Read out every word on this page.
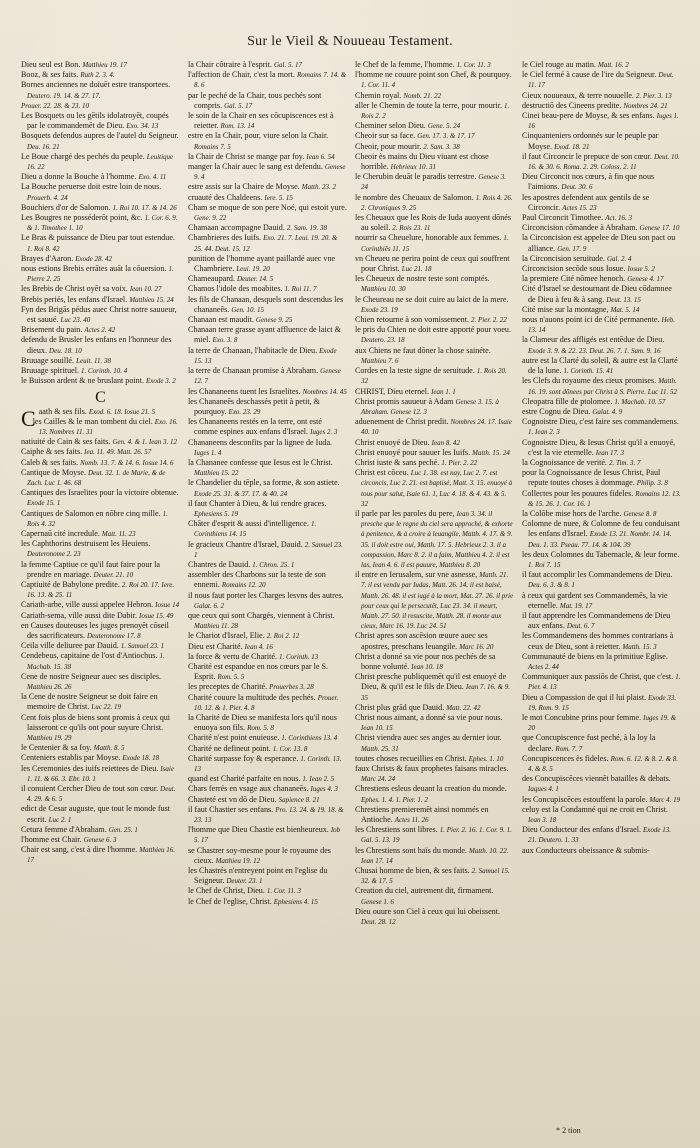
Sur le Vieil & Nouueau Testament.

Dieu seul est Bon. Matthieu 19. 17

Booz, & ses faits. Ruth 2. 3. 4.

Bornes anciennes ne doiuēt estre transportees. Deutero. 19. 14. & 27. 17.

Prouer. 22. 28. & 23. 10

Les Bosquets ou les gētils idolatroyēt, coupés par le commandemēt de Dieu. Exo. 34. 13

Bosquets defendus aupres de l'autel du Seigneur. Deu. 16. 21

Le Boue chargé des pechés du peuple. Leuitique 16. 22

Dieu a donne la Bouche à l'homme. Exo. 4. 11

La Bouche peruerse doit estre loin de nous. Prouerb. 4. 24

Bouchiers d'or de Salomon. 1. Roi 10. 17. & 14. 26

Les Bougres ne posséderōt point, &c. 1. Cor. 6. 9. & 1. Timothee 1. 10

Le Bras & puissance de Dieu par tout estendue. 1. Roi 8. 42

Brayes d'Aaron. Exode 28. 42

nous estions Brebis errātes auāt la cōuersion. 1. Pierre 2. 25

les Brebis de Christ oyēt sa voix. Iean 10. 27

Brebis periés, les enfans d'Israel. Matthieu 15. 24

Fyn des Brigās pédus auec Christ notre sauueur, est sauué. Luc 23. 40

Brisement du pain. Actes 2. 42

defendu de Brusler les enfans en l'honneur des dieux. Deu. 18. 10

Bruuage souillé. Leuit. 11. 38

Bruuage spirituel. 1. Corinth. 10. 4

le Buisson ardent & ne bruslant point. Exode 3. 2

C

Caath & ses fils. Exod. 6. 18. Iosue 21. 5

les Cailles & le man tombent du ciel. Exo. 16. 13. Nombres 11. 31

natiuité de Cain & ses faits. Gen. 4. & 1. Iean 3. 12

Caiphe & ses faits. Iea. 11. 49. Matt. 26. 57

Caleb & ses faits. Nomb. 13. 7. & 14. 6. Iosue 14. 6

Cantique de Moyse. Deut. 32. 1. de Marie, & de Zach. Luc 1. 46. 68

Cantiques des Israelites pour la victoire obtenue. Exode 15. 1

Cantiques de Salomon en nōbre cinq mille. 1. Rois 4. 32

Capernaū cité incredule. Matt. 11. 23

les Caphthorins destruisent les Heuiens. Deuteronome 2. 23

la femme Captiue ce qu'il faut faire pour la prendre en mariage. Deuter. 21. 10

Captiuité de Babylone predite. 2. Roi 20. 17. Iere. 16. 13. & 25. 11

Cariath-arbe, ville aussi appelee Hebron. Iosue 14

Cariath-sema, ville aussi dite Dabir. Iosue 15. 49

en Causes douteuses les juges prenoyēt cōseil des sacrificateurs. Deuteronome 17. 8

Ceila ville deliuree par Dauid. 1. Samuel 23. 1

Cendebeus, capitaine de l'ost d'Antiochus. 1. Machab. 15. 38

Cene de nostre Seigneur auec ses disciples. Matthieu 26. 26

la Cene de nostre Seigneur se doit faire en memoire de Christ. Luc 22. 19

Cent fois plus de biens sont promis à ceux qui laisseront ce qu'ils ont pour suyure Christ. Matthieu 19. 29

le Centenier & sa foy. Matth. 8. 5

Centeniers establis par Moyse. Exode 18. 18

les Ceremonies des iuifs reiettees de Dieu. Isaie 1. 11. & 66. 3. Ebr. 10. 1

il conuient Cercher Dieu de tout son cœur. Deut. 4. 29. & 6. 5

edict de Cesar auguste, que tout le monde fust escrit. Luc 2. 1

Cetura femme d'Abraham. Gen. 25. 1

l'homme est Chair. Genese 6. 3

Chair est sang, c'est à dire l'homme. Matthieu 16. 17

la Chair côtraire à l'esprit. Gal. 5. 17

l'affection de Chair, c'est la mort. Romains 7. 14. & 8. 6

par le peché de la Chair, tous pechés sont compris. Gal. 5. 17

le soin de la Chair en ses cōcupiscences est à reietter. Rom. 13. 14

estre en la Chair, pour, viure selon la Chair. Romains 7. 5

la Chair de Christ se mange par foy. Iean 6. 54

manger la Chair auec le sang est defendu. Genese 9. 4

estre assis sur la Chaire de Moyse. Matth. 23. 2

cruauté des Chaldeens. Iere. 5. 15

Cham se moque de son pere Noé, qui estoit yure. Gene. 9. 22

Chamaan accompagne Dauid. 2. Sam. 19. 38

Chambrieres des Iuifs. Exo. 21. 7. Leui. 19. 20. & 25. 44. Deut. 15. 12

punition de l'homme ayant paillardé auec vne Chambriere. Leui. 19. 20

Chameaupard. Deuter. 14. 5

Chamos l'idole des moabites. 1. Roi 11. 7

les fils de Chanaan, desquels sont descendus les chananeēs. Gen. 10. 15

Chanaan est maudit. Genese 9. 25

Chanaan terre grasse ayant affluence de laict & miel. Exo. 3. 8

la terre de Chanaan, l'habitacle de Dieu. Exode 15. 13

la terre de Chanaan promise à Abraham. Genese 12. 7

les Chananeens tuent les Israelites. Nombres 14. 45

les Chananeēs deschassés petit à petit, & pourquoy. Exo. 23. 29

les Chananeens restés en la terre, ont esté comme espines aux enfans d'Israel. Iuges 2. 3

Chananeens desconfits par la lignee de Iuda. Iuges 1. 4

la Chananee confesse que Iesus est le Christ. Matthieu 15. 22

le Chandelier du tēple, sa forme, & son astiete. Exode 25. 31. & 37. 17. & 40. 24

il faut Chanter à Dieu, & lui rendre graces. Ephesiens 5. 19

Chāter d'esprit & aussi d'intelligence. 1. Corinthiens 14. 15

le gracieux Chantre d'Israel, Dauid. 2. Samuel 23. 1

Chantres de Dauid. 1. Chron. 25. 1

assembler des Charbons sur la teste de son ennemi. Romains 12. 20

il nous faut porter les Charges lesvns des autres. Galat. 6. 2

que ceux qui sont Chargés, viennent à Christ. Matthieu 11. 28

le Chariot d'Israel, Elie. 2. Roi 2. 12

Dieu est Charité. Iean 4. 16

la force & vertu de Charité. 1. Corinth. 13

Charité est espandue en nos cœurs par le S. Esprit. Rom. 5. 5

les preceptes de Charité. Prouerbes 3. 28

Charité couure la multitude des pechés. Prouer. 10. 12. & 1. Pier. 4. 8

la Charité de Dieu se manifesta lors qu'il nous enuoya son fils. Rom. 5. 8

Charité n'est point enuieuse. 1. Corinthiens 13. 4

Charité ne defineut point. 1. Cor. 13. 8

Charité surpasse foy & esperance. 1. Corinth. 13. 13

quand est Charité parfaite en nous. 1. Iean 2. 5

Chars ferrés en vsage aux chananeēs. Iuges 4. 3

Chasteté est vn dō de Dieu. Sapience 8. 21

il faut Chastier ses enfans. Pro. 13. 24. & 19. 18. & 23. 13

l'homme que Dieu Chastie est bienheureux. Iob 5. 17

se Chastrer soy-mesme pour le royaume des cieux. Matthieu 19. 12

les Chastrés n'entreyent point en l'eglise du Seigneur. Deuter. 23. 1

le Chef de Christ, Dieu. 1. Cor. 11. 3

le Chef de l'eglise, Christ. Ephesiens 4. 15

le Chef de la femme, l'homme. 1. Cor. 11. 3

l'homme ne couure point son Chef, & pourquoy. 1. Cor. 11. 4

Chemin royal. Nomb. 21. 22

aller le Chemin de toute la terre, pour mourir. 1. Rois 2. 2

Cheminer selon Dieu. Gene. 5. 24

Cheoir sur sa face. Gen. 17. 3. & 17. 17

Cheoir, pour mourir. 2. Sam. 3. 38

Cheoir ès mains du Dieu viuant est chose horrible. Hebrieux 10. 31

le Cherubin deuāt le paradis terrestre. Genese 3. 24

le nombre des Cheuaux de Salomon. 1. Rois 4. 26. 2. Chroniques 9. 25

les Cheuaux que les Rois de Iuda auoyent dōnés au soleil. 2. Rois 23. 11

nourrir sa Cheuelure, honorable aux femmes. 1. Corinthiēs 11. 15

vn Cheueu ne perira point de ceux qui souffrent pour Christ. Luc 21. 18

les Cheueux de nostre teste sont comptés. Matthieu 10. 30

le Cheureau ne se doit cuire au laict de la mere. Exode 23. 19

Chien retourne à son vomissement. 2. Pier. 2. 22

le pris du Chien ne doit estre apporté pour voeu. Deutero. 23. 18

aux Chiens ne faut dōner la chose sainéte. Matthieu 7. 6

Cordes en la teste signe de seruitude. 1. Rois 20. 32

CHRIST, Dieu eternel. Iean 1. 1

Christ promis sauueur à Adam Genese 3. 15. à Abraham. Genese 12. 3

aduenement de Christ predit. Nombres 24. 17. Isaie 40. 10

Christ enuoyé de Dieu. Iean 8. 42

Christ enuoyé pour sauuer les Iuifs. Matth. 15. 24

Christ iuste & sans peché. 1. Pier. 2. 22

Christ est cōceu. Luc 1. 38. est nay, Luc 2. 7. est circoncis, Luc 2. 21. est baptisé, Matt. 3. 15. enuoyé à tous pour salut, Isaie 61. 1, Luc 4. 18. & 4. 43. & 5. 32

il parle par les paroles du pere, Iean 3. 34. il presche que le regne du ciel sera approché, & exhorte à penitence, & à croire à leuangile, Matth. 4. 17. & 9. 35. il doit estre oui, Matth. 17. 5. Hebrieux 2. 3. il a compassion, Marc 8. 2. il a faim, Matthieu 4. 2. il est las, Iean 4. 6. il est pauure, Matthieu 8. 20

il entre en Ierusalem, sur vne asnesse, Matth. 21. 7. il est vendu par Iudas, Matt. 26. 14. il est baisé, Matth. 26. 48. il est iugé à la mort, Mat. 27. 26. il prie pour ceux qui le persecutēt, Luc 23. 34. il meurt, Matth. 27. 50. il resuscite, Matth. 28. il monte aux cieux, Marc 16. 19. Luc 24. 51

Christ apres son ascēsion œuure auec ses apostres, preschans leuangile. Marc 16. 20

Christ a donné sa vie pour nos pechés de sa bonne volunté. Iean 10. 18

Christ presche publiquemēt qu'il est enuoyé de Dieu, & qu'il est le fils de Dieu. Iean 7. 16. & 9. 35

Christ plus grād que Dauid. Matt. 22. 42

Christ nous aimant, a donné sa vie pour nous. Iean 10. 15

Christ viendra auec ses anges au dernier iour. Matth. 25. 31

toutes choses recueillies en Christ. Ephes. 1. 10

faux Christs & faux prophetes faisans miracles. Marc 24. 24

Chrestiens esleus deuant la creation du monde. Ephes. 1. 4. 1. Pier. 1. 2

Chrestiens premieremēt ainsi nommés en Antioche. Actes 11. 26

les Chrestiens sont libres. 1. Pier. 2. 16. 1. Cor. 9. 1. Gal. 5. 13. 19

les Chrestiens sont haïs du monde. Matth. 10. 22. Iean 17. 14

Chusai homme de bien, & ses faits. 2. Samuel 15. 32. & 17. 5

Creation du ciel, autrement dit, firmament. Genese 1. 6

Dieu ouure son Ciel à ceux qui lui obeissent. Deut. 28. 12

le Ciel rouge au matin. Matt. 16. 2

le Ciel fermé à cause de l'ire du Seigneur. Deut. 11. 17

Cieux nouueaux, & terre nouuelle. 2. Pier. 3. 13

destructiō des Cineens predite. Nombres 24. 21

Cinei beau-pere de Moyse, & ses enfans. Iuges 1. 16

Cinquanteniers ordonnés sur le peuple par Moyse. Exod. 18. 21

il faut Circoncir le prepuce de son cœur. Deut. 10. 16. & 30. 6. Roma. 2. 29. Coloss. 2. 11

Dieu Circoncit nos cœurs, à fin que nous l'aimions. Deut. 30. 6

les apostres defendent aux gentils de se Circoncir. Actes 15. 23

Paul Circoncit Timothee. Act. 16. 3

Circoncision cōmandee à Abraham. Genese 17. 10

la Circoncision est appelee de Dieu son pact ou alliance. Gen. 17. 9

la Circoncision seruitude. Gal. 2. 4

Circoncision secōde sous Iosue. Iosue 5. 2

la premiere Cité nōmee henoch. Genese 4. 17

Cité d'Israel se destournant de Dieu cōdamnee de Dieu à feu & à sang. Deut. 13. 15

Cité mise sur la montagne, Mat. 5. 14

nous n'auons point ici de Cité permanente. Heb. 13. 14

la Clameur des affligés est entēdue de Dieu. Exode 3. 9. & 22. 23. Deut. 26. 7. 1. Sam. 9. 16

autre est la Clarté du soleil, & autre est la Clarté de la lune. 1. Corinth. 15. 41

les Clefs du royaume des cieux promises. Matth. 16. 19. sont dōnees par Christ à S. Pierre. Luc 11. 52

Cleopatra fille de ptolomee. 1. Machab. 10. 57

estre Cognu de Dieu. Galat. 4. 9

Cognoistre Dieu, c'est faire ses commandemens. 1. Iean 2. 3

Cognoistre Dieu, & Iesus Christ qu'il a enuoyé, c'est la vie eternelle. Iean 17. 3

la Cognoissance de verité. 2. Tim. 3. 7

pour la Cognoissance de Iesus Christ, Paul repute toutes choses à dommage. Philip. 3. 8

Collectes pour les pouures fideles. Romains 12. 13. & 15. 26. 1. Cor. 16. 1

la Colōbe mise hors de l'arche. Genese 8. 8

Colomne de nuee, & Colomne de feu conduisant les enfans d'Israel. Exode 13. 21. Nombr. 14. 14. Deu. 1. 33. Pseau. 77. 14. & 104. 39

les deux Colomnes du Tabernacle, & leur forme. 1. Roi 7. 15

il faut accomplir les Commandemens de Dieu. Deu. 6. 3. & 8. 1

à ceux qui gardent ses Commandemēs, la vie eternelle. Mat. 19. 17

il faut apprendre les Commandemens de Dieu aux enfans. Deut. 6. 7

les Commandemens des hommes contrarians à ceux de Dieu, sont à reietter. Matth. 15. 3

Communauté de biens en la primitiue Eglise. Actes 2. 44

Communiquer aux passiōs de Christ, que c'est. 1. Pier. 4. 13

Dieu a Compassion de qui il lui plaist. Exode 33. 19. Rom. 9. 15

le mot Concubine prins pour femme. Iuges 19. & 20

que Concupiscence fust peché, à la loy la declare. Rom. 7. 7

Concupiscences ès fideles. Rom. 6. 12. & 8. 2. & 8. 4. & 8. 5

des Concupiscēces viennēt batailles & debats. Iaques 4. 1

les Concupiscēces estouffent la parole. Marc 4. 19

celuy est la Condamné qui ne croit en Christ. Iean 3. 18

Dieu Conducteur des enfans d'Israel. Exode 13. 21. Deutero. 1. 33

aux Conducteurs obeissance & submis-

* 2 tion
